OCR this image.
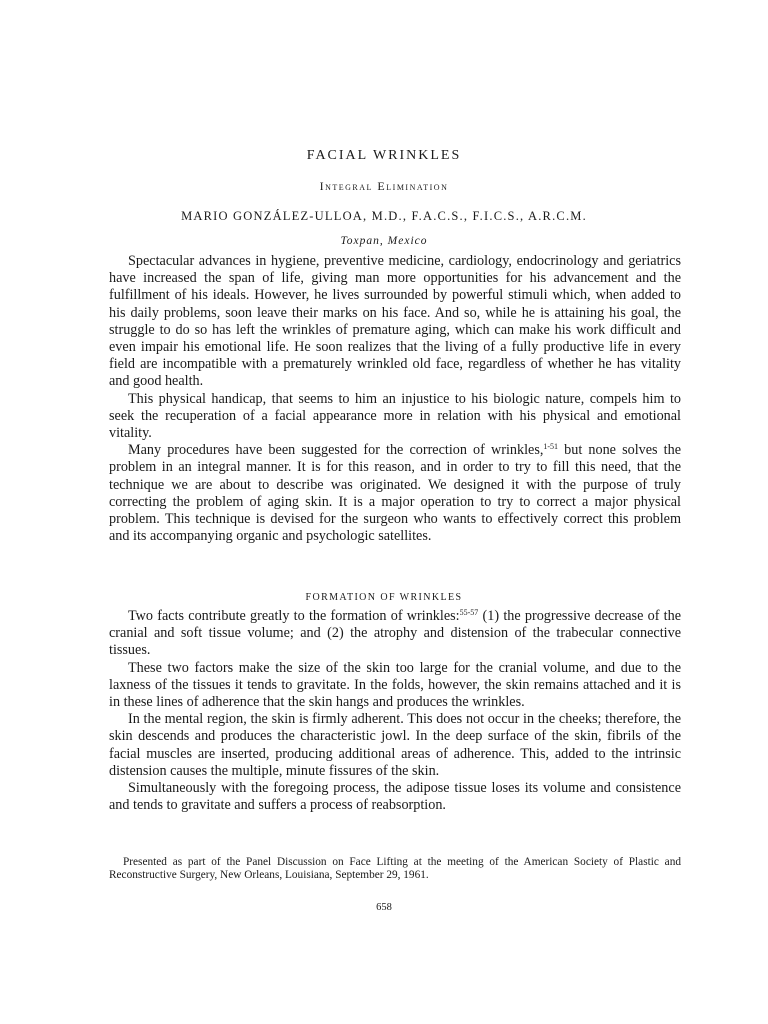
FACIAL WRINKLES
Integral Elimination
MARIO GONZÁLEZ-ULLOA, M.D., F.A.C.S., F.I.C.S., A.R.C.M.
Toxpan, Mexico

Spectacular advances in hygiene, preventive medicine, cardiology, endocrinology and geriatrics have increased the span of life, giving man more opportunities for his advancement and the fulfillment of his ideals. However, he lives surrounded by powerful stimuli which, when added to his daily problems, soon leave their marks on his face. And so, while he is attaining his goal, the struggle to do so has left the wrinkles of premature aging, which can make his work difficult and even impair his emotional life. He soon realizes that the living of a fully productive life in every field are incompatible with a prematurely wrinkled old face, regardless of whether he has vitality and good health.

This physical handicap, that seems to him an injustice to his biologic nature, compels him to seek the recuperation of a facial appearance more in relation with his physical and emotional vitality.

Many procedures have been suggested for the correction of wrinkles,$^{1-51}$ but none solves the problem in an integral manner. It is for this reason, and in order to try to fill this need, that the technique we are about to describe was originated. We designed it with the purpose of truly correcting the problem of aging skin. It is a major operation to try to correct a major physical problem. This technique is devised for the surgeon who wants to effectively correct this problem and its accompanying organic and psychologic satellites.

FORMATION OF WRINKLES

Two facts contribute greatly to the formation of wrinkles:$^{55-57}$ (1) the progressive decrease of the cranial and soft tissue volume; and (2) the atrophy and distension of the trabecular connective tissues.

These two factors make the size of the skin too large for the cranial volume, and due to the laxness of the tissues it tends to gravitate. In the folds, however, the skin remains attached and it is in these lines of adherence that the skin hangs and produces the wrinkles.

In the mental region, the skin is firmly adherent. This does not occur in the cheeks; therefore, the skin descends and produces the characteristic jowl. In the deep surface of the skin, fibrils of the facial muscles are inserted, producing additional areas of adherence. This, added to the intrinsic distension causes the multiple, minute fissures of the skin.

Simultaneously with the foregoing process, the adipose tissue loses its volume and consistence and tends to gravitate and suffers a process of reabsorption.

Presented as part of the Panel Discussion on Face Lifting at the meeting of the American Society of Plastic and Reconstructive Surgery, New Orleans, Louisiana, September 29, 1961.
658
